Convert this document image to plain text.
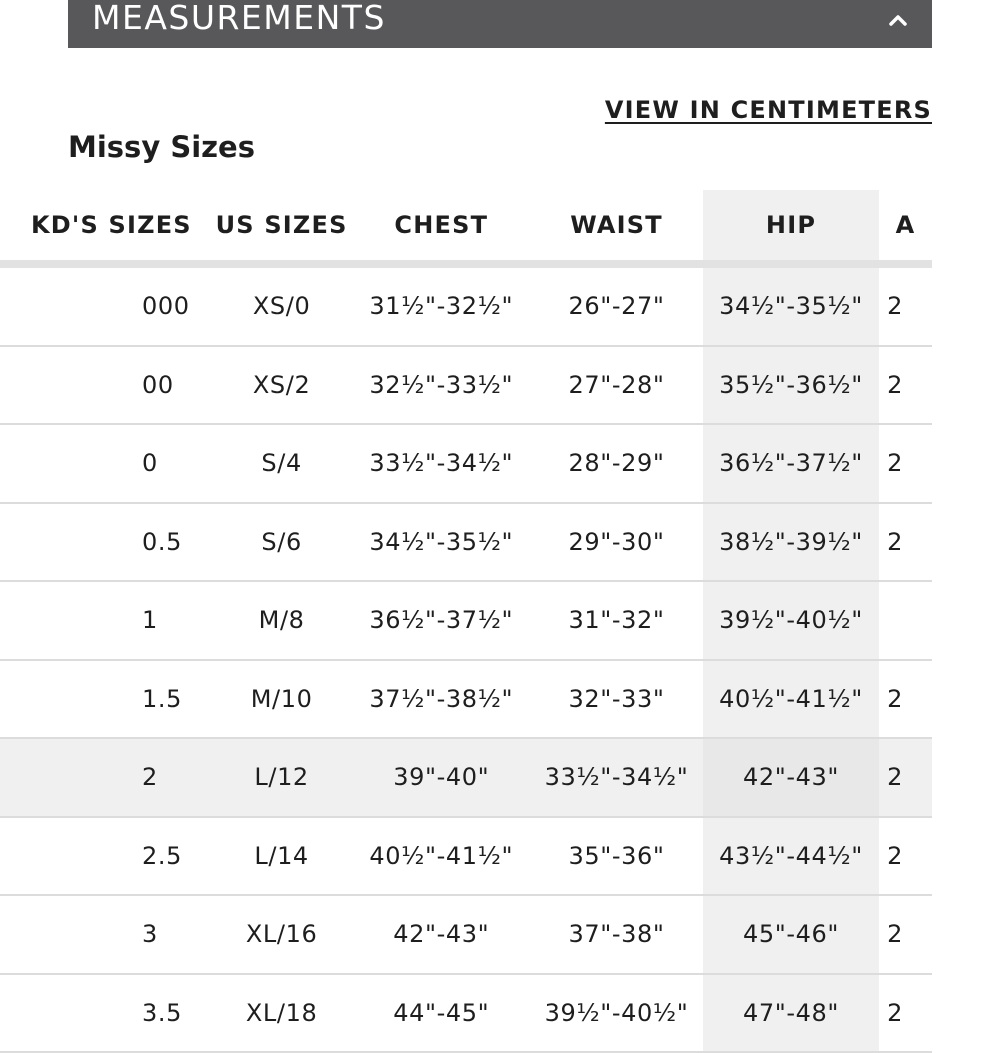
MEASUREMENTS
VIEW IN CENTIMETERS
Missy Sizes
KD'S SIZES	US SIZES	CHEST	WAIST	HIP	A
000	XS/0	31½"-32½"	26"-27"	34½"-35½"	2
00	XS/2	32½"-33½"	27"-28"	35½"-36½"	2
0	S/4	33½"-34½"	28"-29"	36½"-37½"	2
0.5	S/6	34½"-35½"	29"-30"	38½"-39½"	2
1	M/8	36½"-37½"	31"-32"	39½"-40½"	
1.5	M/10	37½"-38½"	32"-33"	40½"-41½"	2
2	L/12	39"-40"	33½"-34½"	42"-43"	2
2.5	L/14	40½"-41½"	35"-36"	43½"-44½"	2
3	XL/16	42"-43"	37"-38"	45"-46"	2
3.5	XL/18	44"-45"	39½"-40½"	47"-48"	2
